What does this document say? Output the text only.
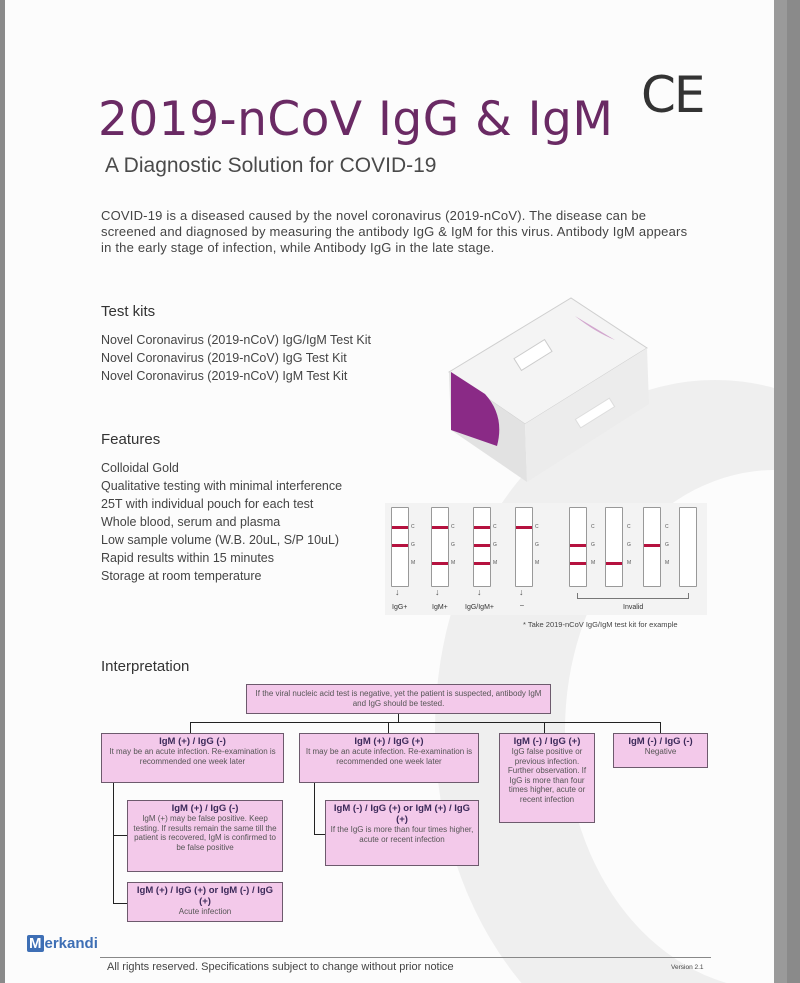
2019-nCoV IgG & IgM
A Diagnostic Solution for COVID-19
CE
COVID-19 is a diseased caused by the novel coronavirus (2019-nCoV). The disease can be screened and diagnosed by measuring the antibody IgG & IgM for this virus. Antibody IgM appears in the early stage of infection, while Antibody IgG in the late stage.
Test kits
Novel Coronavirus (2019-nCoV) IgG/IgM Test Kit
Novel Coronavirus (2019-nCoV) IgG Test Kit
Novel Coronavirus (2019-nCoV) IgM Test Kit
Features
Colloidal Gold
Qualitative testing with minimal interference
25T with individual pouch for each test
Whole blood, serum and plasma
Low sample volume (W.B. 20uL, S/P 10uL)
Rapid results within 15 minutes
Storage at room temperature
C
G
M
C
G
M
C
G
M
C
G
M
C
G
M
C
G
M
C
G
M
↓	↓	↓	↓
IgG+	IgM+ IgG/IgM+	–	Invalid
* Take 2019-nCoV IgG/IgM test kit for example
Interpretation
If the viral nucleic acid test is negative, yet the patient is suspected, antibody IgM and IgG should be tested.
IgM (+) / IgG (-)
It may be an acute infection. Re-examination is recommended one week later
IgM (+) / IgG (+)
It may be an acute infection. Re-examination is recommended one week later
IgM (-) / IgG (+)
IgG false positive or previous infection. Further observation. If IgG is more than four times higher, acute or recent infection
IgM (-) / IgG (-)
Negative
IgM (+) / IgG (-)
IgM (+) may be false positive. Keep testing. If results remain the same till the patient is recovered, IgM is confirmed to be false positive
IgM (+) / IgG (+) or IgM (-) / IgG (+)
Acute infection
IgM (-) / IgG (+) or IgM (+) / IgG (+)
If the IgG is more than four times higher, acute or recent infection
M erkandi
All rights reserved. Specifications subject to change without prior notice	Version 2.1
